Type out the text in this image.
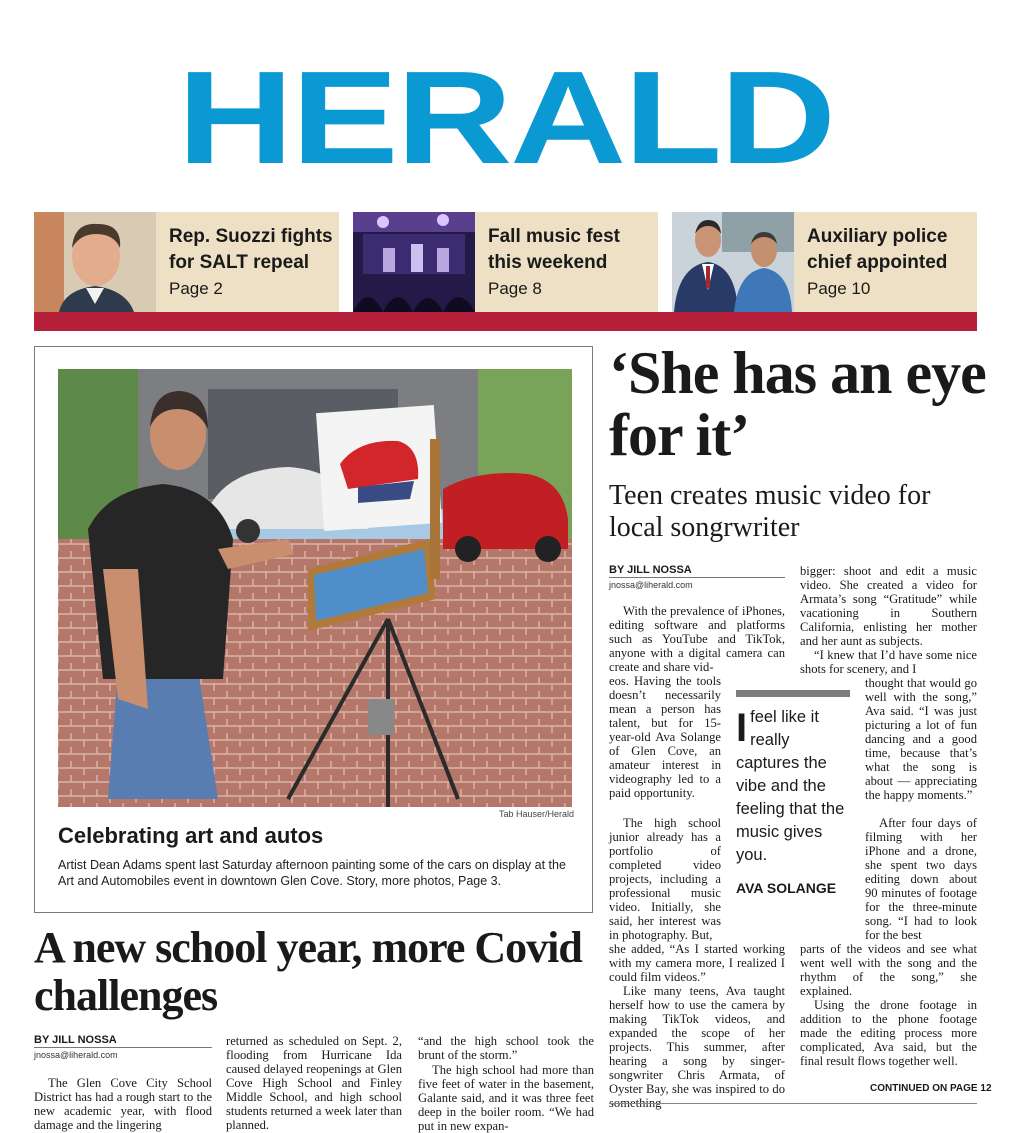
HERALD
Rep. Suozzi fights for SALT repeal
Page 2
Fall music fest this weekend
Page 8
Auxiliary police chief appointed
Page 10
Tab Hauser/Herald
Celebrating art and autos
Artist Dean Adams spent last Saturday afternoon painting some of the cars on display at the Art and Automobiles event in downtown Glen Cove. Story, more photos, Page 3.
‘She has an eye for it’
Teen creates music video for local songrwriter
BY JILL NOSSA
jnossa@liherald.com
With the prevalence of iPhones, editing software and platforms such as YouTube and TikTok, anyone with a digital camera can create and share vid-
eos. Having the tools doesn’t necessarily mean a person has talent, but for 15-year-old Ava Solange of Glen Cove, an amateur interest in videography led to a paid opportunity.
The high school junior already has a portfolio of completed video projects, including a professional music video. Initially, she said, her interest was in photography. But,
she added, “As I started working with my camera more, I realized I could film videos.”
Like many teens, Ava taught herself how to use the camera by making TikTok videos, and expanded the scope of her projects. This summer, after hearing a song by singer-songwriter Chris Armata, of Oyster Bay, she was inspired to do something
bigger: shoot and edit a music video. She created a video for Armata’s song “Gratitude” while vacationing in Southern California, enlisting her mother and her aunt as subjects.
“I knew that I’d have some nice shots for scenery, and I
thought that would go well with the song,” Ava said. “I was just picturing a lot of fun dancing and a good time, because that’s what the song is about — appreciating the happy moments.”
After four days of filming with her iPhone and a drone, she spent two days editing down about 90 minutes of footage for the three-minute song. “I had to look for the best
parts of the videos and see what went well with the song and the rhythm of the song,” she explained.
Using the drone footage in addition to the phone footage made the editing process more complicated, Ava said, but the final result flows together well.
Ifeel like it really captures the vibe and the feeling that the music gives you.
AVA SOLANGE
CONTINUED ON PAGE 12
A new school year, more Covid challenges
BY JILL NOSSA
jnossa@liherald.com
The Glen Cove City School District has had a rough start to the new academic year, with flood damage and the lingering
returned as scheduled on Sept. 2, flooding from Hurricane Ida caused delayed reopenings at Glen Cove High School and Finley Middle School, and high school students returned a week later than planned.
“and the high school took the brunt of the storm.”
The high school had more than five feet of water in the basement, Galante said, and it was three feet deep in the boiler room. “We had put in new expan-
